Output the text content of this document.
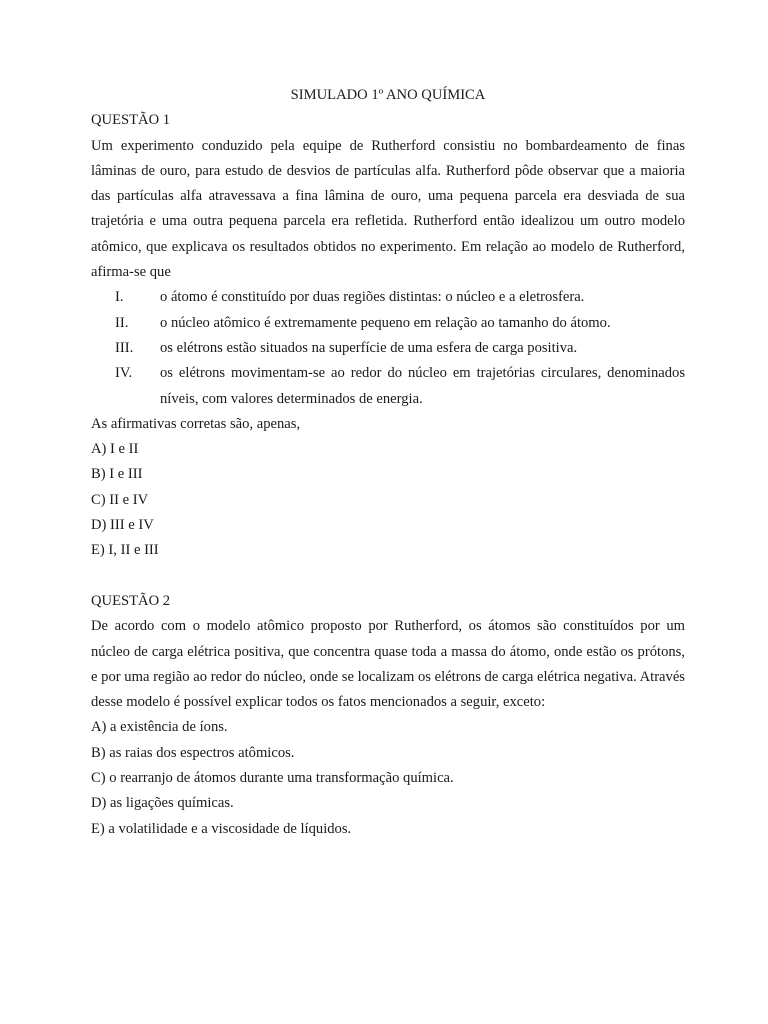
SIMULADO 1º ANO QUÍMICA
QUESTÃO 1

Um experimento conduzido pela equipe de Rutherford consistiu no bombardeamento de finas lâminas de ouro, para estudo de desvios de partículas alfa. Rutherford pôde observar que a maioria das partículas alfa atravessava a fina lâmina de ouro, uma pequena parcela era desviada de sua trajetória e uma outra pequena parcela era refletida. Rutherford então idealizou um outro modelo atômico, que explicava os resultados obtidos no experimento. Em relação ao modelo de Rutherford, afirma-se que

I.	o átomo é constituído por duas regiões distintas: o núcleo e a eletrosfera.
II.	o núcleo atômico é extremamente pequeno em relação ao tamanho do átomo.
III.	os elétrons estão situados na superfície de uma esfera de carga positiva.
IV.	os elétrons movimentam-se ao redor do núcleo em trajetórias circulares, denominados níveis, com valores determinados de energia.
As afirmativas corretas são, apenas,
A) I e II
B) I e III
C) II e IV
D) III e IV
E) I, II e III
QUESTÃO 2

De acordo com o modelo atômico proposto por Rutherford, os átomos são constituídos por um núcleo de carga elétrica positiva, que concentra quase toda a massa do átomo, onde estão os prótons, e por uma região ao redor do núcleo, onde se localizam os elétrons de carga elétrica negativa. Através desse modelo é possível explicar todos os fatos mencionados a seguir, exceto:

A) a existência de íons.
B) as raias dos espectros atômicos.
C) o rearranjo de átomos durante uma transformação química.
D) as ligações químicas.
E) a volatilidade e a viscosidade de líquidos.
